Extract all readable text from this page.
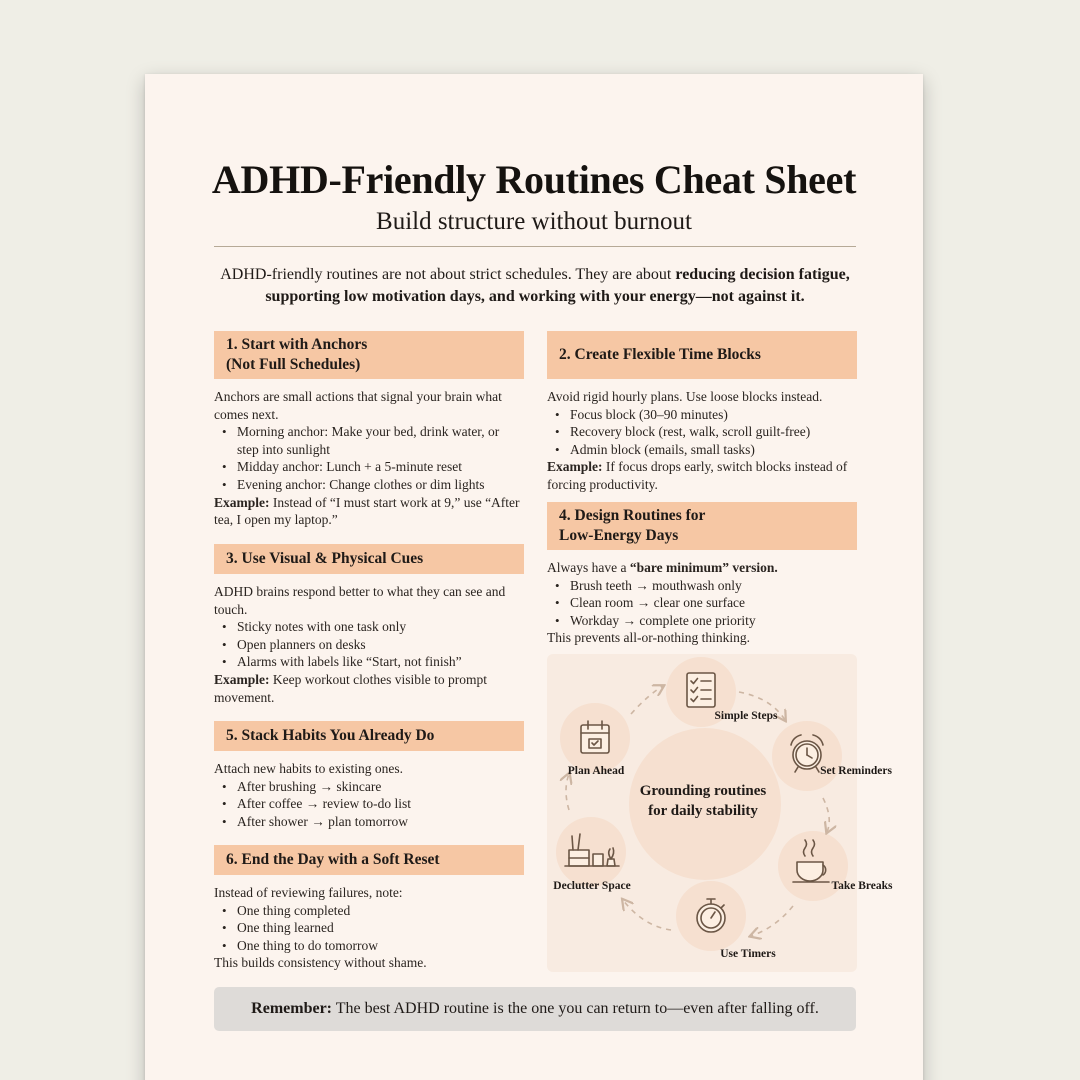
ADHD-Friendly Routines Cheat Sheet
Build structure without burnout

ADHD-friendly routines are not about strict schedules. They are about reducing decision fatigue, supporting low motivation days, and working with your energy—not against it.

1. Start with Anchors
(Not Full Schedules)
Anchors are small actions that signal your brain what comes next.
• Morning anchor: Make your bed, drink water, or step into sunlight
• Midday anchor: Lunch + a 5-minute reset
• Evening anchor: Change clothes or dim lights
Example: Instead of “I must start work at 9,” use “After tea, I open my laptop.”
2. Create Flexible Time Blocks
Avoid rigid hourly plans. Use loose blocks instead.
• Focus block (30–90 minutes)
• Recovery block (rest, walk, scroll guilt-free)
• Admin block (emails, small tasks)
Example: If focus drops early, switch blocks instead of forcing productivity.
3. Use Visual & Physical Cues
ADHD brains respond better to what they can see and touch.
• Sticky notes with one task only
• Open planners on desks
• Alarms with labels like “Start, not finish”
Example: Keep workout clothes visible to prompt movement.
4. Design Routines for
Low-Energy Days
Always have a “bare minimum” version.
• Brush teeth → mouthwash only
• Clean room → clear one surface
• Workday → complete one priority
This prevents all-or-nothing thinking.
5. Stack Habits You Already Do
Attach new habits to existing ones.
• After brushing → skincare
• After coffee → review to-do list
• After shower → plan tomorrow
6. End the Day with a Soft Reset
Instead of reviewing failures, note:
• One thing completed
• One thing learned
• One thing to do tomorrow
This builds consistency without shame.
Simple Steps
Set Reminders
Take Breaks
Use Timers
Declutter Space
Plan Ahead
Grounding routines for daily stability
Remember: The best ADHD routine is the one you can return to—even after falling off.
